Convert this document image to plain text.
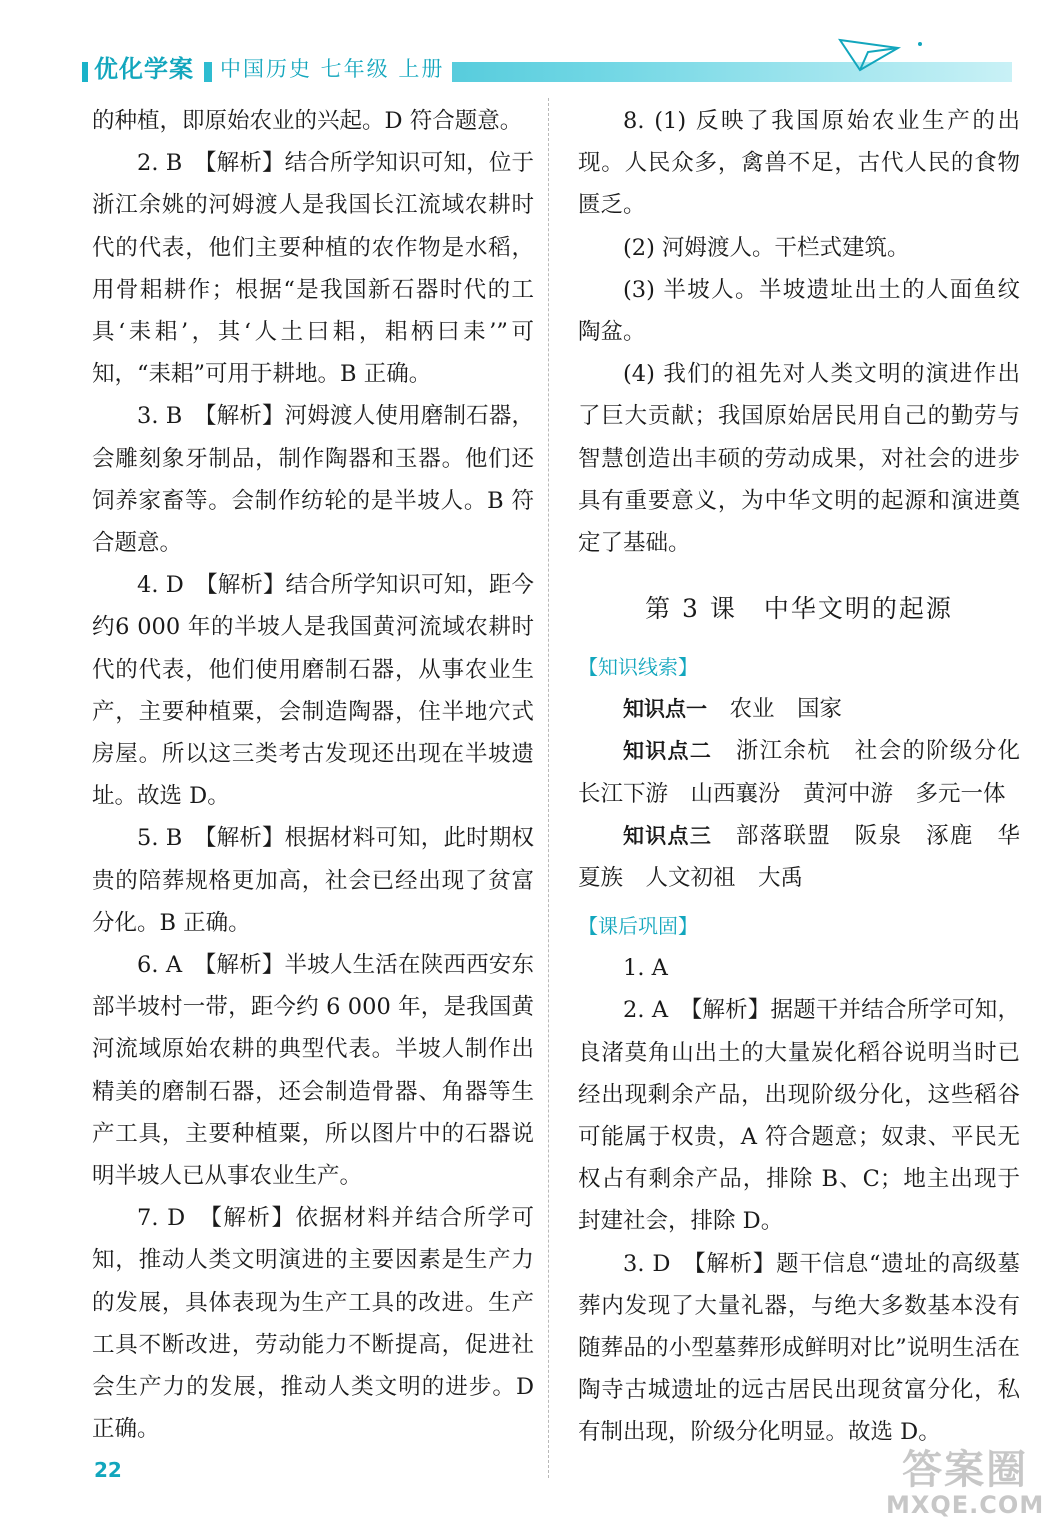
优化学案	中国历史 七年级 上册

的种植，即原始农业的兴起。D 符合题意。

2. B　【解析】结合所学知识可知，位于浙江余姚的河姆渡人是我国长江流域农耕时代的代表，他们主要种植的农作物是水稻，用骨耜耕作；根据“是我国新石器时代的工具‘耒耜’，其‘人土曰耜，耜柄曰耒’”可知，“耒耜”可用于耕地。B 正确。

3. B　【解析】河姆渡人使用磨制石器，会雕刻象牙制品，制作陶器和玉器。他们还饲养家畜等。会制作纺轮的是半坡人。B 符合题意。

4. D　【解析】结合所学知识可知，距今约6 000 年的半坡人是我国黄河流域农耕时代的代表，他们使用磨制石器，从事农业生产，主要种植粟，会制造陶器，住半地穴式房屋。所以这三类考古发现还出现在半坡遗址。故选 D。

5. B　【解析】根据材料可知，此时期权贵的陪葬规格更加高，社会已经出现了贫富分化。B 正确。

6. A　【解析】半坡人生活在陕西西安东部半坡村一带，距今约 6 000 年，是我国黄河流域原始农耕的典型代表。半坡人制作出精美的磨制石器，还会制造骨器、角器等生产工具，主要种植粟，所以图片中的石器说明半坡人已从事农业生产。

7. D　【解析】依据材料并结合所学可知，推动人类文明演进的主要因素是生产力的发展，具体表现为生产工具的改进。生产工具不断改进，劳动能力不断提高，促进社会生产力的发展，推动人类文明的进步。D 正确。

8. (1) 反映了我国原始农业生产的出现。人民众多，禽兽不足，古代人民的食物匮乏。

(2) 河姆渡人。干栏式建筑。

(3) 半坡人。半坡遗址出土的人面鱼纹陶盆。

(4) 我们的祖先对人类文明的演进作出了巨大贡献；我国原始居民用自己的勤劳与智慧创造出丰硕的劳动成果，对社会的进步具有重要意义，为中华文明的起源和演进奠定了基础。

第 3 课　中华文明的起源
【知识线索】

知识点一　农业　国家

知识点二　浙江余杭　社会的阶级分化　长江下游　山西襄汾　黄河中游　多元一体

知识点三　部落联盟　阪泉　涿鹿　华夏族　人文初祖　大禹

【课后巩固】

1. A

2. A　【解析】据题干并结合所学可知，良渚莫角山出土的大量炭化稻谷说明当时已经出现剩余产品，出现阶级分化，这些稻谷可能属于权贵，A 符合题意；奴隶、平民无权占有剩余产品，排除 B、C；地主出现于封建社会，排除 D。

3. D　【解析】题干信息“遗址的高级墓葬内发现了大量礼器，与绝大多数基本没有随葬品的小型墓葬形成鲜明对比”说明生活在陶寺古城遗址的远古居民出现贫富分化，私有制出现，阶级分化明显。故选 D。

22	答案圈
MXQE.COM
